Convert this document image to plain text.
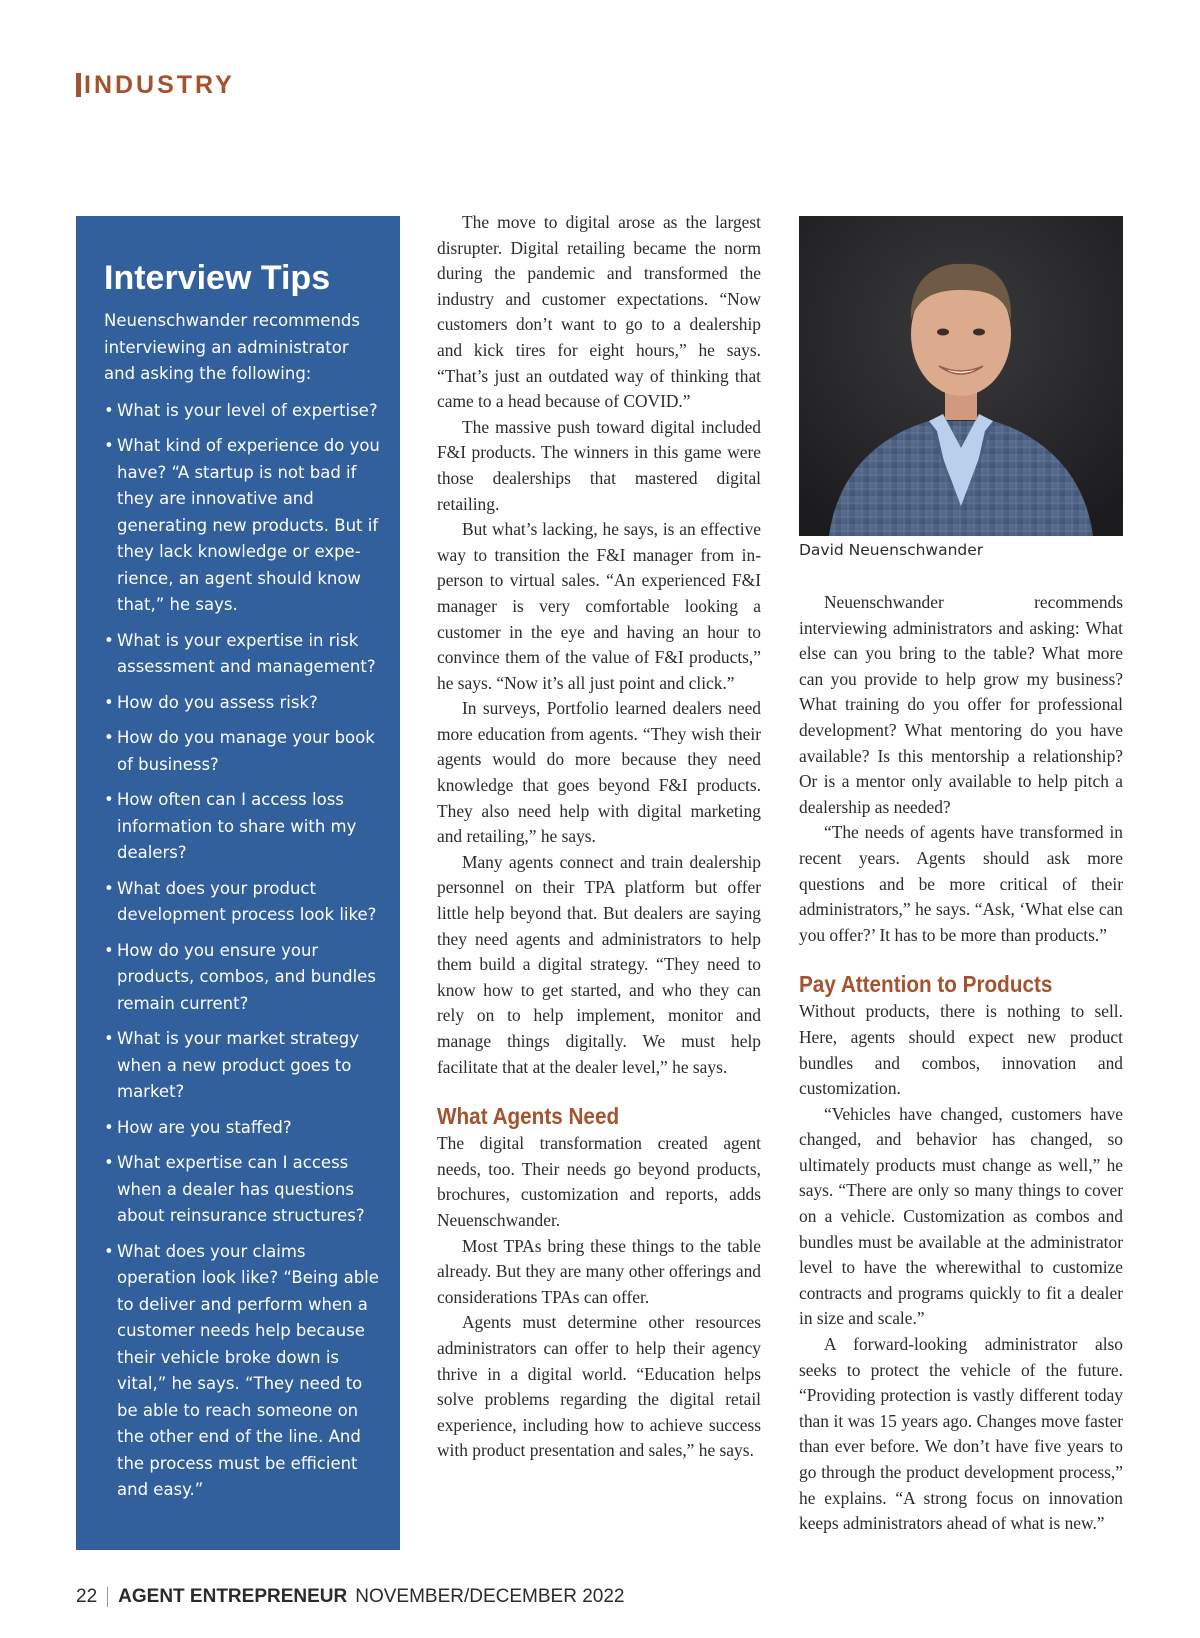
INDUSTRY
Interview Tips

Neuenschwander recommends interviewing an administrator and asking the following:

• What is your level of expertise?
• What kind of experience do you have? “A startup is not bad if they are innovative and generating new products. But if they lack knowledge or expe-rience, an agent should know that,” he says.
• What is your expertise in risk assessment and management?
• How do you assess risk?
• How do you manage your book of business?
• How often can I access loss information to share with my dealers?
• What does your product development process look like?
• How do you ensure your products, combos, and bundles remain current?
• What is your market strategy when a new product goes to market?
• How are you staffed?
• What expertise can I access when a dealer has questions about reinsurance structures?
• What does your claims operation look like? “Being able to deliver and perform when a customer needs help because their vehicle broke down is vital,” he says. “They need to be able to reach someone on the other end of the line. And the process must be efficient and easy.”

The move to digital arose as the largest disrupter. Digital retailing became the norm during the pandemic and transformed the industry and customer expectations. “Now customers don’t want to go to a dealership and kick tires for eight hours,” he says. “That’s just an outdated way of thinking that came to a head because of COVID.”

The massive push toward digital included F&I products. The winners in this game were those dealerships that mastered digital retailing.

But what’s lacking, he says, is an effective way to transition the F&I manager from in-person to virtual sales. “An experienced F&I manager is very comfortable looking a customer in the eye and having an hour to convince them of the value of F&I products,” he says. “Now it’s all just point and click.”

In surveys, Portfolio learned dealers need more education from agents. “They wish their agents would do more because they need knowledge that goes beyond F&I products. They also need help with digital marketing and retailing,” he says.

Many agents connect and train dealership personnel on their TPA platform but offer little help beyond that. But dealers are saying they need agents and administrators to help them build a digital strategy. “They need to know how to get started, and who they can rely on to help implement, monitor and manage things digitally. We must help facilitate that at the dealer level,” he says.

What Agents Need

The digital transformation created agent needs, too. Their needs go beyond products, brochures, customization and reports, adds Neuenschwander.

Most TPAs bring these things to the table already. But they are many other offerings and considerations TPAs can offer.

Agents must determine other resources administrators can offer to help their agency thrive in a digital world. “Education helps solve problems regarding the digital retail experience, including how to achieve success with product presentation and sales,” he says.

David Neuenschwander

Neuenschwander recommends interviewing administrators and asking: What else can you bring to the table? What more can you provide to help grow my business? What training do you offer for professional development? What mentoring do you have available? Is this mentorship a relationship? Or is a mentor only available to help pitch a dealership as needed?

“The needs of agents have transformed in recent years. Agents should ask more questions and be more critical of their administrators,” he says. “Ask, ‘What else can you offer?’ It has to be more than products.”

Pay Attention to Products

Without products, there is nothing to sell. Here, agents should expect new product bundles and combos, innovation and customization.

“Vehicles have changed, customers have changed, and behavior has changed, so ultimately products must change as well,” he says. “There are only so many things to cover on a vehicle. Customization as combos and bundles must be available at the administrator level to have the wherewithal to customize contracts and programs quickly to fit a dealer in size and scale.”

A forward-looking administrator also seeks to protect the vehicle of the future. “Providing protection is vastly different today than it was 15 years ago. Changes move faster than ever before. We don’t have five years to go through the product development process,” he explains. “A strong focus on innovation keeps administrators ahead of what is new.”

22 AGENT ENTREPRENEUR NOVEMBER/DECEMBER 2022
